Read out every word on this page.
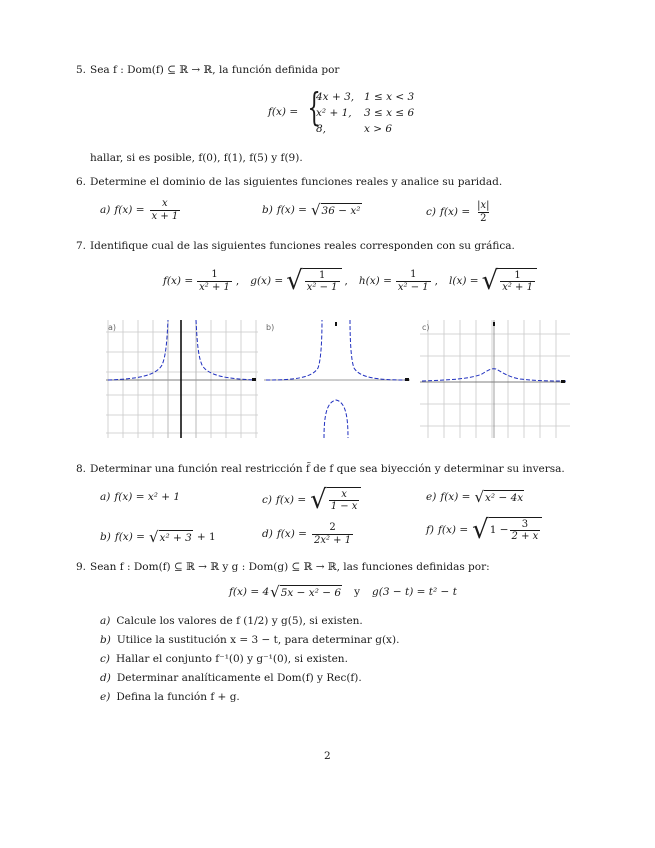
5. Sea f : Dom(f) ⊆ ℝ → ℝ, la función definida por
f(x) = {
4x + 3, 1 ≤ x < 3
x² + 1, 3 ≤ x ≤ 6
8,	x > 6
hallar, si es posible, f(0), f(1), f(5) y f(9).
6. Determine el dominio de las siguientes funciones reales y analice su paridad.
a) $f(x) = \frac{x}{x + 1}$	b) f(x) = √ 36 − x²	c) $f(x) = \frac{|x|}{2}$
7. Identifique cual de las siguientes funciones reales corresponden con su gráfica.
$f(x) = \frac{1}{\text{x² + 1}}$ , g(x) = √ $\frac{1}{\text{x² − 1}}$ , $h(x) = \frac{1}{\text{x² − 1}}$ , l(x) = √ $\frac{1}{\text{x² + 1}}$
a)	b)	c)
8. Determinar una función real restricción f̃ de f que sea biyección y determinar su inversa.
a) f(x) = x² + 1	c) f(x) = √ $\frac{x}{1 - x}$	e) f(x) = √ x² − 4x
b) f(x) = √ x² + 3 + 1	d) $f(x) = \frac{2}{\text{2x² + 1}}$	f) f(x) = √ $1 - \frac{3}{2 + x}$
9. Sean f : Dom(f) ⊆ ℝ → ℝ y g : Dom(g) ⊆ ℝ → ℝ, las funciones definidas por:
f(x) = 4 √ 5x − x² − 6 y g(3 − t) = t² − t
a) Calcule los valores de f (1/2) y g(5), si existen.
b) Utilice la sustitución x = 3 − t, para determinar g(x).
c) Hallar el conjunto f⁻¹(0) y g⁻¹(0), si existen.
d) Determinar analíticamente el Dom(f) y Rec(f).
e) Defina la función f + g.
2
